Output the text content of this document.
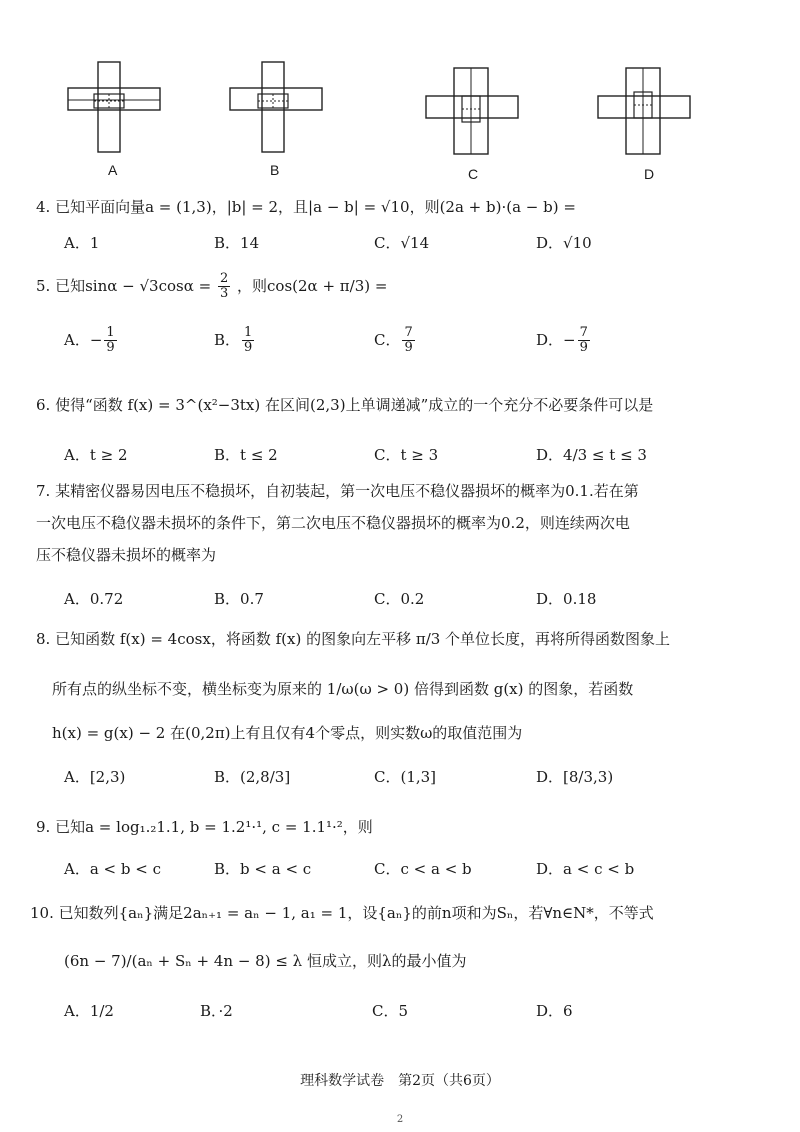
A	B	C	D
4. 已知平面向量a = (1,3)，|b| = 2，且|a − b| = √10，则(2a + b)·(a − b) =
A．1	B．14	C．√14	D．√10
5. 已知$\sin\alpha - √3\cos\alpha = \frac{2}{3}$ ，则cos(2α + π/3) =
A．− $\frac{1}{9}$	B． $\frac{1}{9}$	C． $\frac{7}{9}$	D．− $\frac{7}{9}$
6. 使得“函数 f(x) = 3^(x²−3tx) 在区间(2,3)上单调递减”成立的一个充分不必要条件可以是
A．t ≥ 2	B．t ≤ 2	C．t ≥ 3	D．4/3 ≤ t ≤ 3
7. 某精密仪器易因电压不稳损坏，自初装起，第一次电压不稳仪器损坏的概率为0.1.若在第
一次电压不稳仪器未损坏的条件下，第二次电压不稳仪器损坏的概率为0.2，则连续两次电
压不稳仪器未损坏的概率为
A．0.72	B．0.7	C．0.2	D．0.18
8. 已知函数 f(x) = 4cosx，将函数 f(x) 的图象向左平移 π/3 个单位长度，再将所得函数图象上
所有点的纵坐标不变，横坐标变为原来的 1/ω(ω > 0) 倍得到函数 g(x) 的图象，若函数
h(x) = g(x) − 2 在(0,2π)上有且仅有4个零点，则实数ω的取值范围为
A．[2,3)	B．(2,8/3]	C．(1,3]	D．[8/3,3)
9. 已知a = log₁.₂1.1, b = 1.2¹·¹, c = 1.1¹·²，则
A．a < b < c	B．b < a < c	C．c < a < b	D．a < c < b
10. 已知数列{aₙ}满足2aₙ₊₁ = aₙ − 1, a₁ = 1，设{aₙ}的前n项和为Sₙ，若∀n∈N*，不等式
(6n − 7)/(aₙ + Sₙ + 4n − 8) ≤ λ 恒成立，则λ的最小值为
A．1/2	B．·2	C．5	D．6
理科数学试卷　第2页（共6页）
2
